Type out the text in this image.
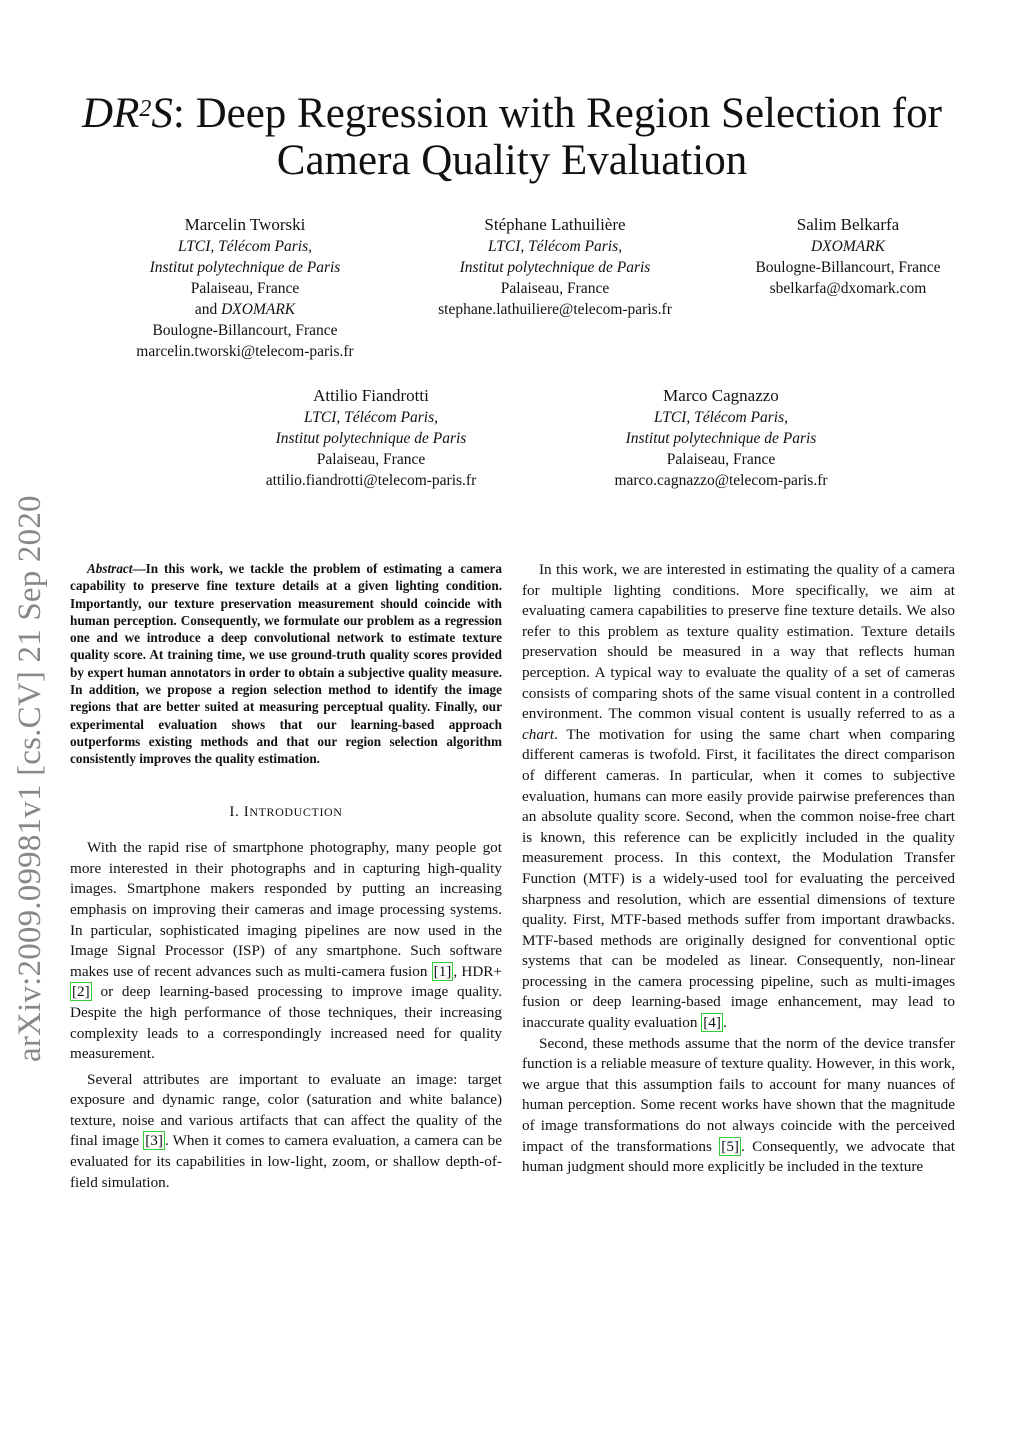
$DR^2S$: Deep Regression with Region Selection for
Camera Quality Evaluation
Marcelin Tworski
LTCI, Télécom Paris,
Institut polytechnique de Paris
Palaiseau, France
and DXOMARK
Boulogne-Billancourt, France
marcelin.tworski@telecom-paris.fr
Stéphane Lathuilière
LTCI, Télécom Paris,
Institut polytechnique de Paris
Palaiseau, France
stephane.lathuiliere@telecom-paris.fr
Salim Belkarfa
DXOMARK
Boulogne-Billancourt, France
sbelkarfa@dxomark.com
Attilio Fiandrotti
LTCI, Télécom Paris,
Institut polytechnique de Paris
Palaiseau, France
attilio.fiandrotti@telecom-paris.fr
Marco Cagnazzo
LTCI, Télécom Paris,
Institut polytechnique de Paris
Palaiseau, France
marco.cagnazzo@telecom-paris.fr
arXiv:2009.09981v1 [cs.CV] 21 Sep 2020	Abstract—In this work, we tackle the problem of estimating a camera capability to preserve fine texture details at a given lighting condition. Importantly, our texture preservation measurement should coincide with human perception. Consequently, we formulate our problem as a regression one and we introduce a deep convolutional network to estimate texture quality score. At training time, we use ground-truth quality scores provided by expert human annotators in order to obtain a subjective quality measure. In addition, we propose a region selection method to identify the image regions that are better suited at measuring perceptual quality. Finally, our experimental evaluation shows that our learning-based approach outperforms existing methods and that our region selection algorithm consistently improves the quality estimation.

I. INTRODUCTION

With the rapid rise of smartphone photography, many people got more interested in their photographs and in capturing high-quality images. Smartphone makers responded by putting an increasing emphasis on improving their cameras and image processing systems. In particular, sophisticated imaging pipelines are now used in the Image Signal Processor (ISP) of any smartphone. Such software makes use of recent advances such as multi-camera fusion [1] , HDR+ [2] or deep learning-based processing to improve image quality. Despite the high performance of those techniques, their increasing complexity leads to a correspondingly increased need for quality measurement.

Several attributes are important to evaluate an image: target exposure and dynamic range, color (saturation and white balance) texture, noise and various artifacts that can affect the quality of the final image [3] . When it comes to camera evaluation, a camera can be evaluated for its capabilities in low-light, zoom, or shallow depth-of-field simulation.

In this work, we are interested in estimating the quality of a camera for multiple lighting conditions. More specifically, we aim at evaluating camera capabilities to preserve fine texture details. We also refer to this problem as texture quality estimation. Texture details preservation should be measured in a way that reflects human perception. A typical way to evaluate the quality of a set of cameras consists of comparing shots of the same visual content in a controlled environment. The common visual content is usually referred to as a chart. The motivation for using the same chart when comparing different cameras is twofold. First, it facilitates the direct comparison of different cameras. In particular, when it comes to subjective evaluation, humans can more easily provide pairwise preferences than an absolute quality score. Second, when the common noise-free chart is known, this reference can be explicitly included in the quality measurement process. In this context, the Modulation Transfer Function (MTF) is a widely-used tool for evaluating the perceived sharpness and resolution, which are essential dimensions of texture quality. First, MTF-based methods suffer from important drawbacks. MTF-based methods are originally designed for conventional optic systems that can be modeled as linear. Consequently, non-linear processing in the camera processing pipeline, such as multi-images fusion or deep learning-based image enhancement, may lead to inaccurate quality evaluation [4] .

Second, these methods assume that the norm of the device transfer function is a reliable measure of texture quality. However, in this work, we argue that this assumption fails to account for many nuances of human perception. Some recent works have shown that the magnitude of image transformations do not always coincide with the perceived impact of the transformations [5] . Consequently, we advocate that human judgment should more explicitly be included in the texture
